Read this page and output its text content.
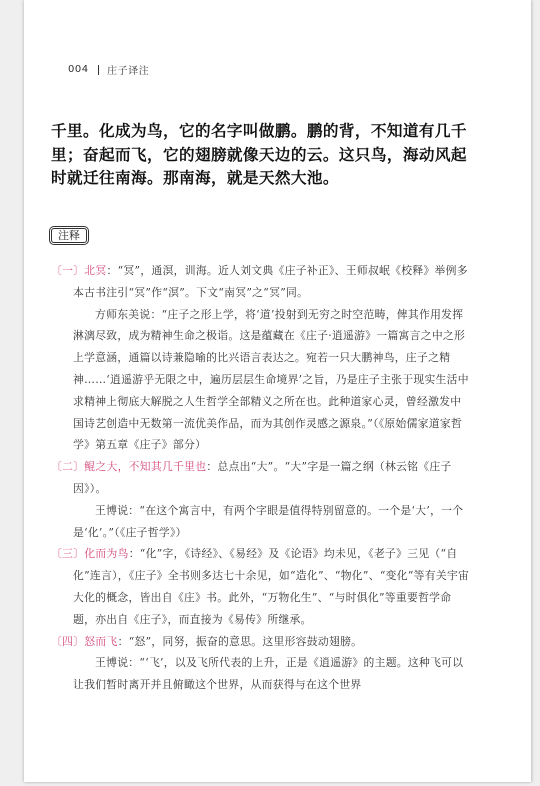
004 庄子译注

千里。化成为鸟，它的名字叫做鹏。鹏的背，不知道有几千里；奋起而飞，它的翅膀就像天边的云。这只鸟，海动风起时就迁往南海。那南海，就是天然大池。

注释

〔一〕北冥：“冥”，通溟，训海。近人刘文典《庄子补正》、王师叔岷《校释》举例多本古书注引“冥”作“溟”。下文“南冥”之“冥”同。

方师东美说：“庄子之形上学，将‘道’投射到无穷之时空范畴，俾其作用发挥淋漓尽致，成为精神生命之极诣。这是蕴藏在《庄子·逍遥游》一篇寓言之中之形上学意涵，通篇以诗兼隐喻的比兴语言表达之。宛若一只大鹏神鸟，庄子之精神……‘逍遥游乎无限之中，遍历层层生命境界’之旨，乃是庄子主张于现实生活中求精神上彻底大解脱之人生哲学全部精义之所在也。此种道家心灵，曾经激发中国诗艺创造中无数第一流优美作品，而为其创作灵感之源泉。”（《原始儒家道家哲学》第五章《庄子》部分）

〔二〕鲲之大，不知其几千里也：总点出“大”。“大”字是一篇之纲（林云铭《庄子因》）。

王博说：“在这个寓言中，有两个字眼是值得特别留意的。一个是‘大’，一个是‘化’。”（《庄子哲学》）

〔三〕化而为鸟：“化”字，《诗经》、《易经》及《论语》均未见，《老子》三见（“自化”连言），《庄子》全书则多达七十余见，如“造化”、“物化”、“变化”等有关宇宙大化的概念，皆出自《庄》书。此外，“万物化生”、“与时俱化”等重要哲学命题，亦出自《庄子》，而直接为《易传》所继承。

〔四〕怒而飞：“怒”，同努，振奋的意思。这里形容鼓动翅膀。

王博说：“‘飞’，以及飞所代表的上升，正是《逍遥游》的主题。这种飞可以让我们暂时离开并且俯瞰这个世界，从而获得与在这个世界
